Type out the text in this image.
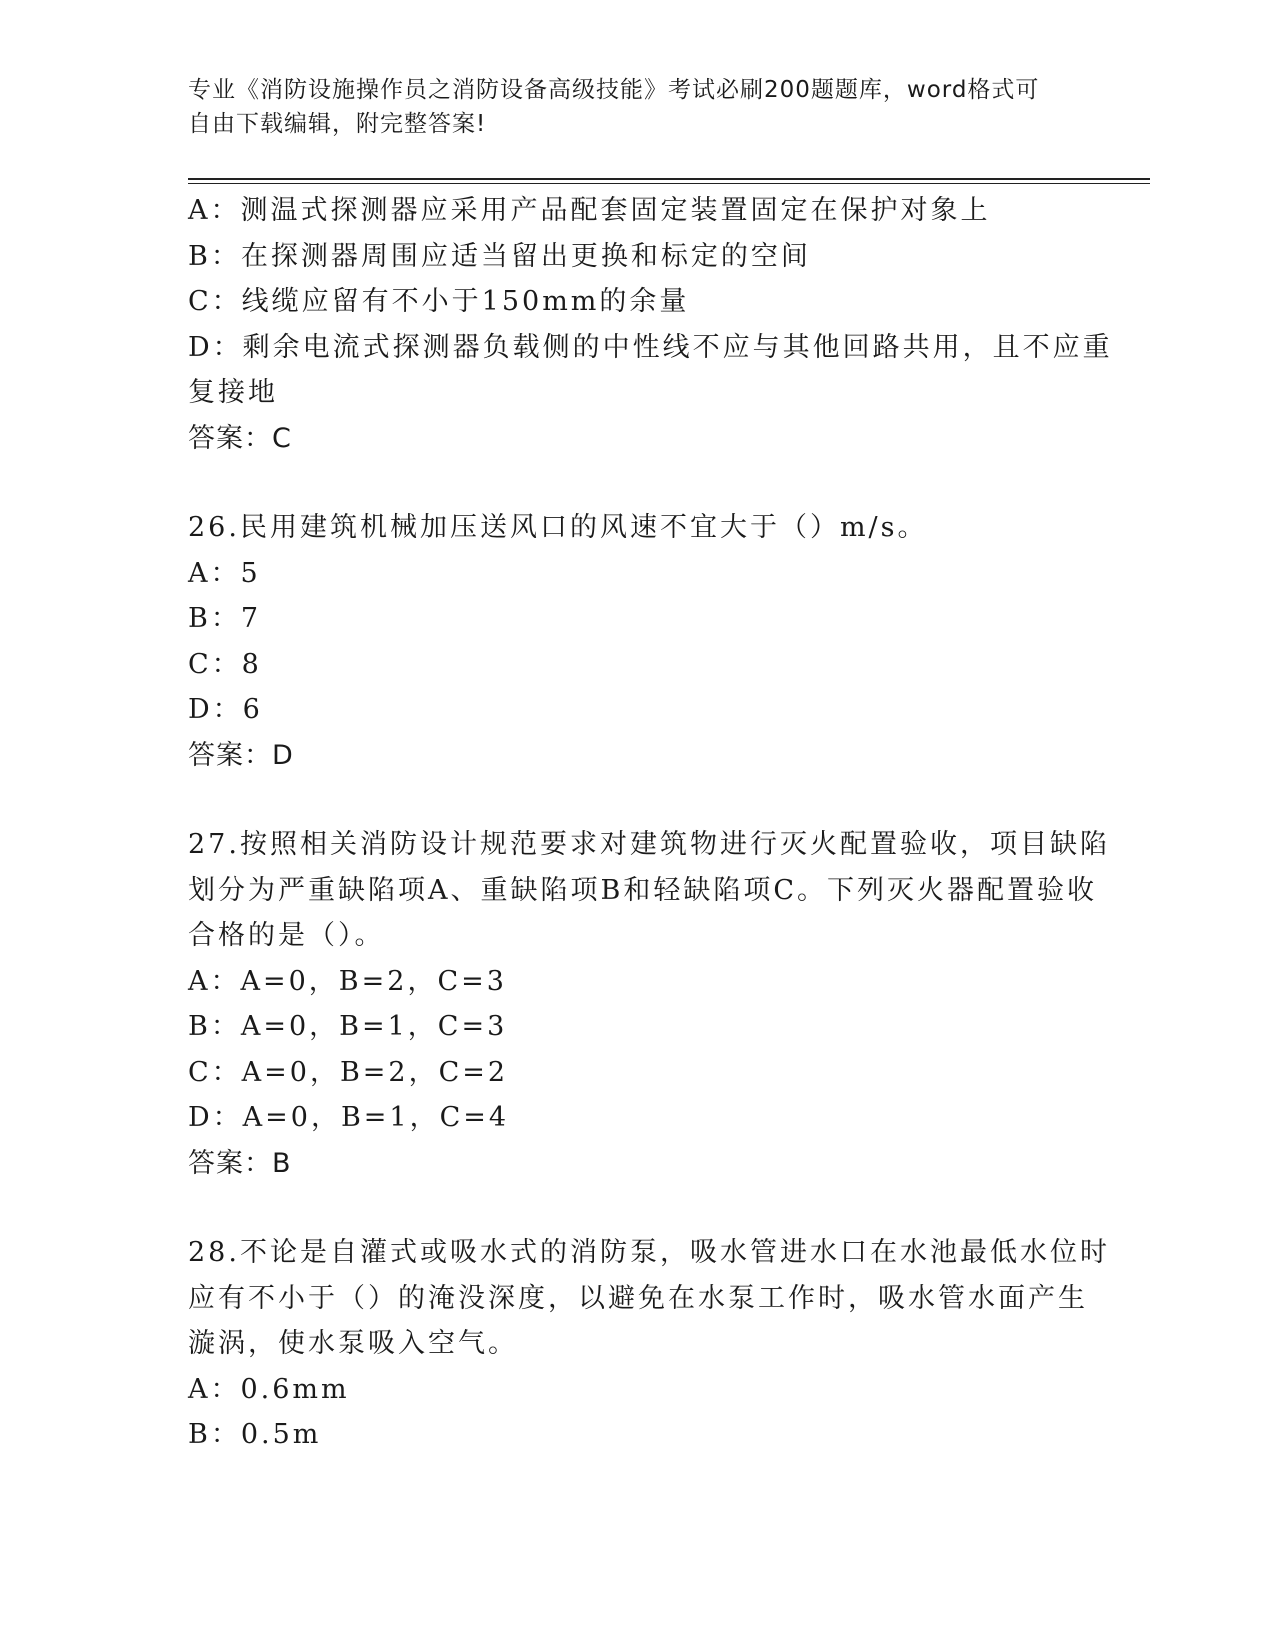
专业《消防设施操作员之消防设备高级技能》考试必刷200题题库，word格式可
自由下载编辑，附完整答案!
A：测温式探测器应采用产品配套固定装置固定在保护对象上
B：在探测器周围应适当留出更换和标定的空间
C：线缆应留有不小于150mm的余量
D：剩余电流式探测器负载侧的中性线不应与其他回路共用，且不应重
复接地
答案：C
26.民用建筑机械加压送风口的风速不宜大于（）m/s。
A：5
B：7
C：8
D：6
答案：D
27.按照相关消防设计规范要求对建筑物进行灭火配置验收，项目缺陷
划分为严重缺陷项A、重缺陷项B和轻缺陷项C。下列灭火器配置验收
合格的是（）。
A：A=0，B=2，C=3
B：A=0，B=1，C=3
C：A=0，B=2，C=2
D：A=0，B=1，C=4
答案：B
28.不论是自灌式或吸水式的消防泵，吸水管进水口在水池最低水位时
应有不小于（）的淹没深度，以避免在水泵工作时，吸水管水面产生
漩涡，使水泵吸入空气。
A：0.6mm
B：0.5m
